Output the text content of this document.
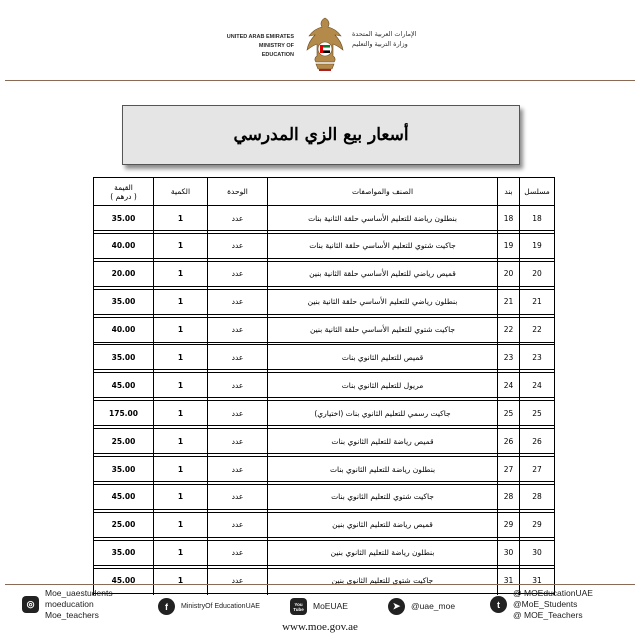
UNITED ARAB EMIRATES
MINISTRY OF EDUCATION
الإمارات العربية المتحدة
وزارة التربية والتعليم
أسعار بيع الزي المدرسي
مسلسل	بند	الصنف والمواصفات	الوحدة	الكمية	القيمة
( درهم )

18	18	بنطلون رياضة للتعليم الأساسي حلقة الثانية بنات	عدد	1	35.00

19	19	جاكيت شتوي للتعليم الأساسي حلقة الثانية بنات	عدد	1	40.00

20	20	قميص رياضي للتعليم الأساسي حلقة الثانية بنين	عدد	1	20.00

21	21	بنطلون رياضي للتعليم الأساسي حلقة الثانية بنين	عدد	1	35.00

22	22	جاكيت شتوي للتعليم الأساسي حلقة الثانية بنين	عدد	1	40.00

23	23	قميص للتعليم الثانوي بنات	عدد	1	35.00

24	24	مريول للتعليم الثانوي بنات	عدد	1	45.00

25	25	جاكيت رسمي للتعليم الثانوي بنات (اختياري)	عدد	1	175.00

26	26	قميص رياضة للتعليم الثانوي بنات	عدد	1	25.00

27	27	بنطلون رياضة للتعليم الثانوي بنات	عدد	1	35.00

28	28	جاكيت شتوي للتعليم الثانوي بنات	عدد	1	45.00

29	29	قميص رياضة للتعليم الثانوي بنين	عدد	1	25.00

30	30	بنطلون رياضة للتعليم الثانوي بنين	عدد	1	35.00

31	31	جاكيت شتوي للتعليم الثانوي بنين	عدد	1	45.00

◎
Moe_uaestudents
moeducation
Moe_teachers
f	MinistryOf EducationUAE	You Tube	MoEUAE	➤	@uae_moe	t
@ MOEducationUAE
@MoE_Students
@ MOE_Teachers
www.moe.gov.ae
